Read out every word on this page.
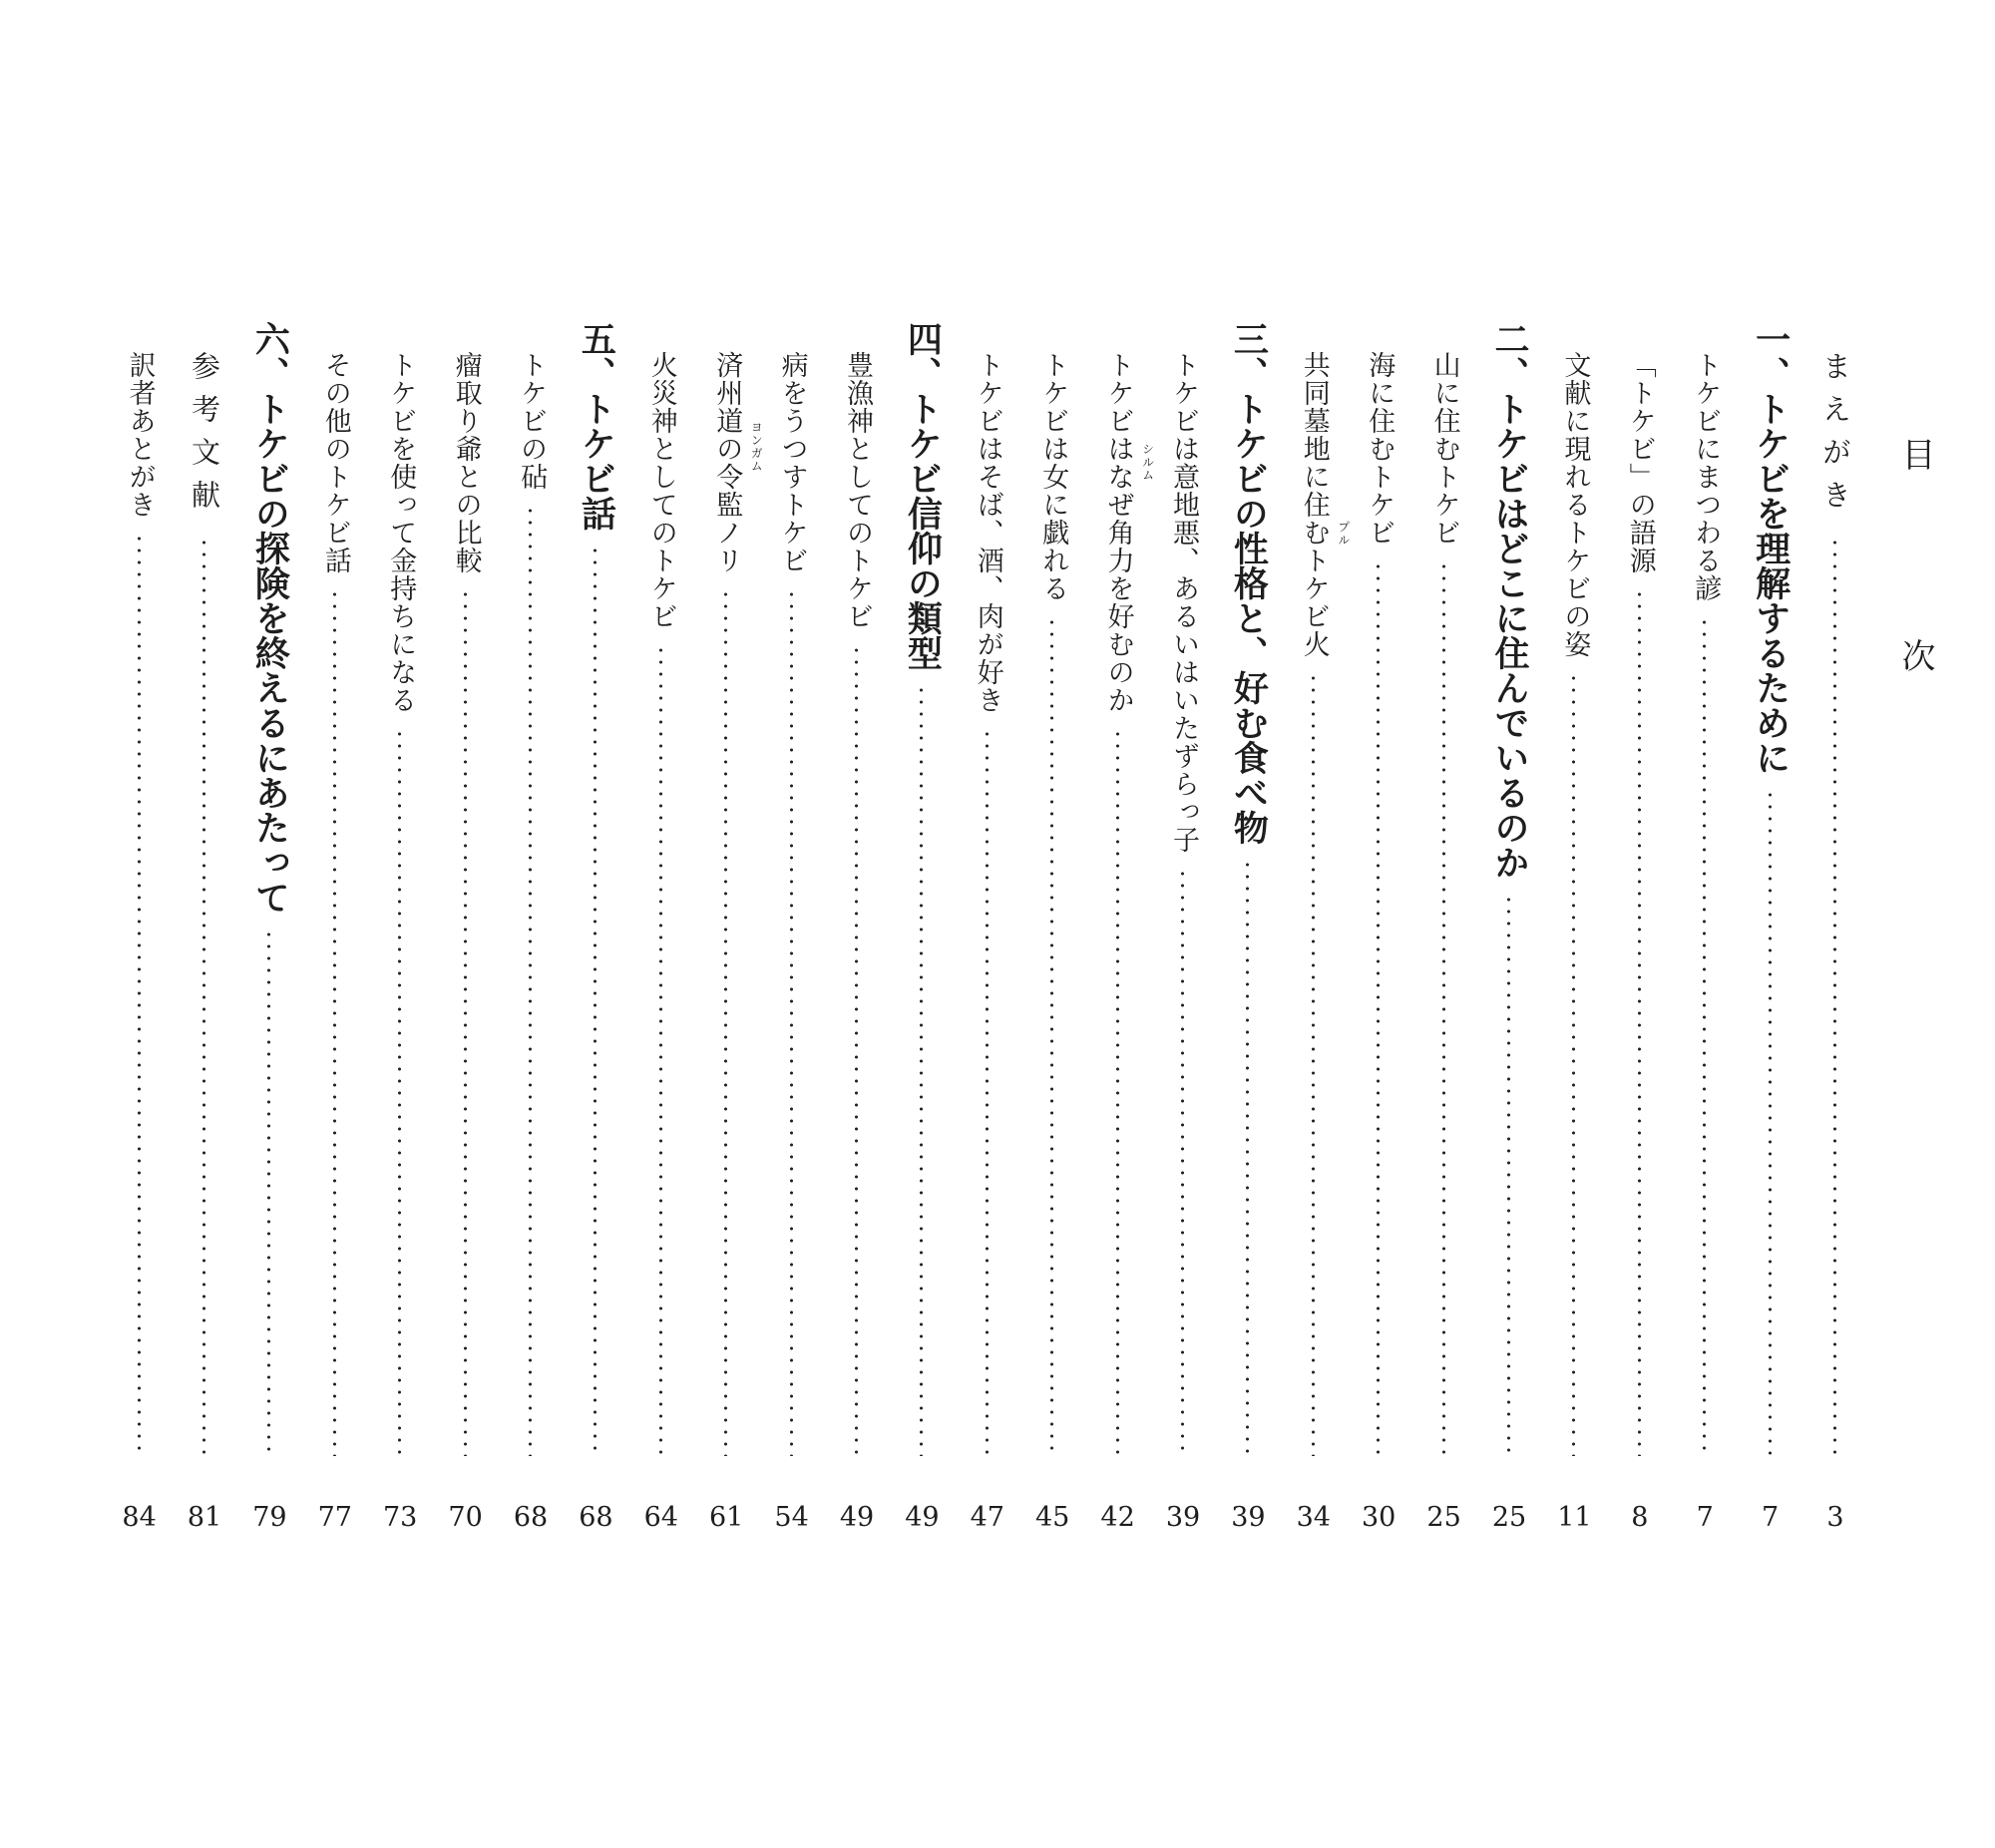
目 次
まえがき
3
一、トケビを理解するために
7
トケビにまつわる諺
7
「トケビ」の語源
8
文献に現れるトケビの姿
11
二、トケビはどこに住んでいるのか
25
山に住むトケビ
25
海に住むトケビ
30
共同墓地に住むトケビ火 プル
34
三、トケビの性格と、好む食べ物
39
トケビは意地悪、あるいはいたずらっ子
39
トケビはなぜ角力を好むのか シルム
42
トケビは女に戯れる
45
トケビはそば、酒、肉が好き
47
四、トケビ信仰の類型
49
豊漁神としてのトケビ
49
病をうつすトケビ
54
済州道の令監ノリ ヨンガム
61
火災神としてのトケビ
64
五、トケビ話
68
トケビの砧
68
瘤取り爺との比較
70
トケビを使って金持ちになる
73
その他のトケビ話
77
六、トケビの探険を終えるにあたって
79
参考文献
81
訳者あとがき
84
